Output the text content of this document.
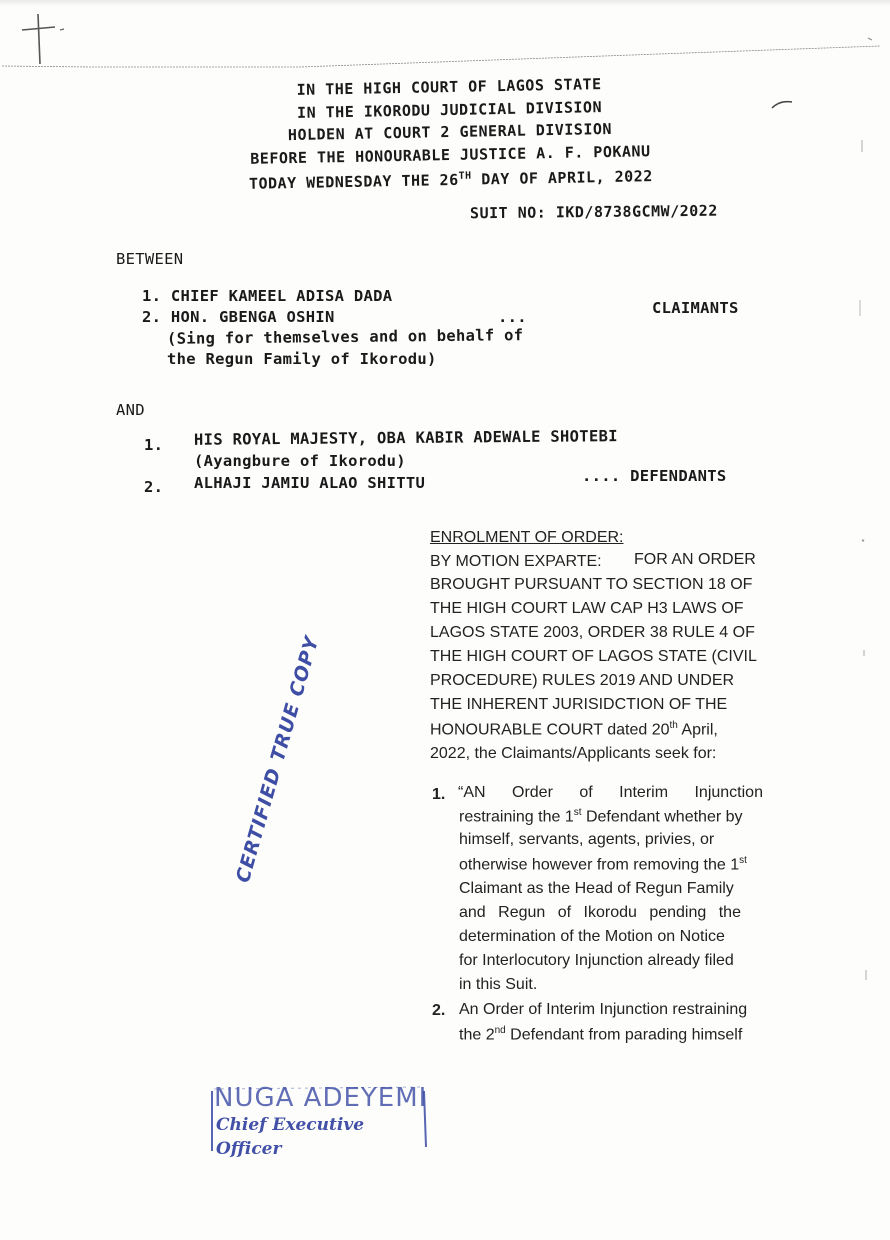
IN THE HIGH COURT OF LAGOS STATE
IN THE IKORODU JUDICIAL DIVISION
HOLDEN AT COURT 2 GENERAL DIVISION
BEFORE THE HONOURABLE JUSTICE A. F. POKANU
TODAY WEDNESDAY THE 26TH DAY OF APRIL, 2022
SUIT NO: IKD/8738GCMW/2022
BETWEEN
1. CHIEF KAMEEL ADISA DADA
2. HON. GBENGA OSHIN	...	CLAIMANTS
(Sing for themselves and on behalf of
the Regun Family of Ikorodu)
AND
1. HIS ROYAL MAJESTY, OBA KABIR ADEWALE SHOTEBI
(Ayangbure of Ikorodu)
2. ALHAJI JAMIU ALAO SHITTU	.... DEFENDANTS
ENROLMENT OF ORDER:
BY MOTION EXPARTE: FOR AN ORDER
BROUGHT PURSUANT TO SECTION 18 OF
THE HIGH COURT LAW CAP H3 LAWS OF
LAGOS STATE 2003, ORDER 38 RULE 4 OF
THE HIGH COURT OF LAGOS STATE (CIVIL
PROCEDURE) RULES 2019 AND UNDER
THE INHERENT JURISIDCTION OF THE
HONOURABLE COURT dated 20th April,
2022, the Claimants/Applicants seek for:
1. “AN Order of Interim Injunction
restraining the 1st Defendant whether by
himself, servants, agents, privies, or
otherwise however from removing the 1st
Claimant as the Head of Regun Family
and Regun of Ikorodu pending the
determination of the Motion on Notice
for Interlocutory Injunction already filed
in this Suit.
2. An Order of Interim Injunction restraining
the 2nd Defendant from parading himself
CERTIFIED TRUE COPY
NUGA ADEYEMI
Chief Executive Officer
